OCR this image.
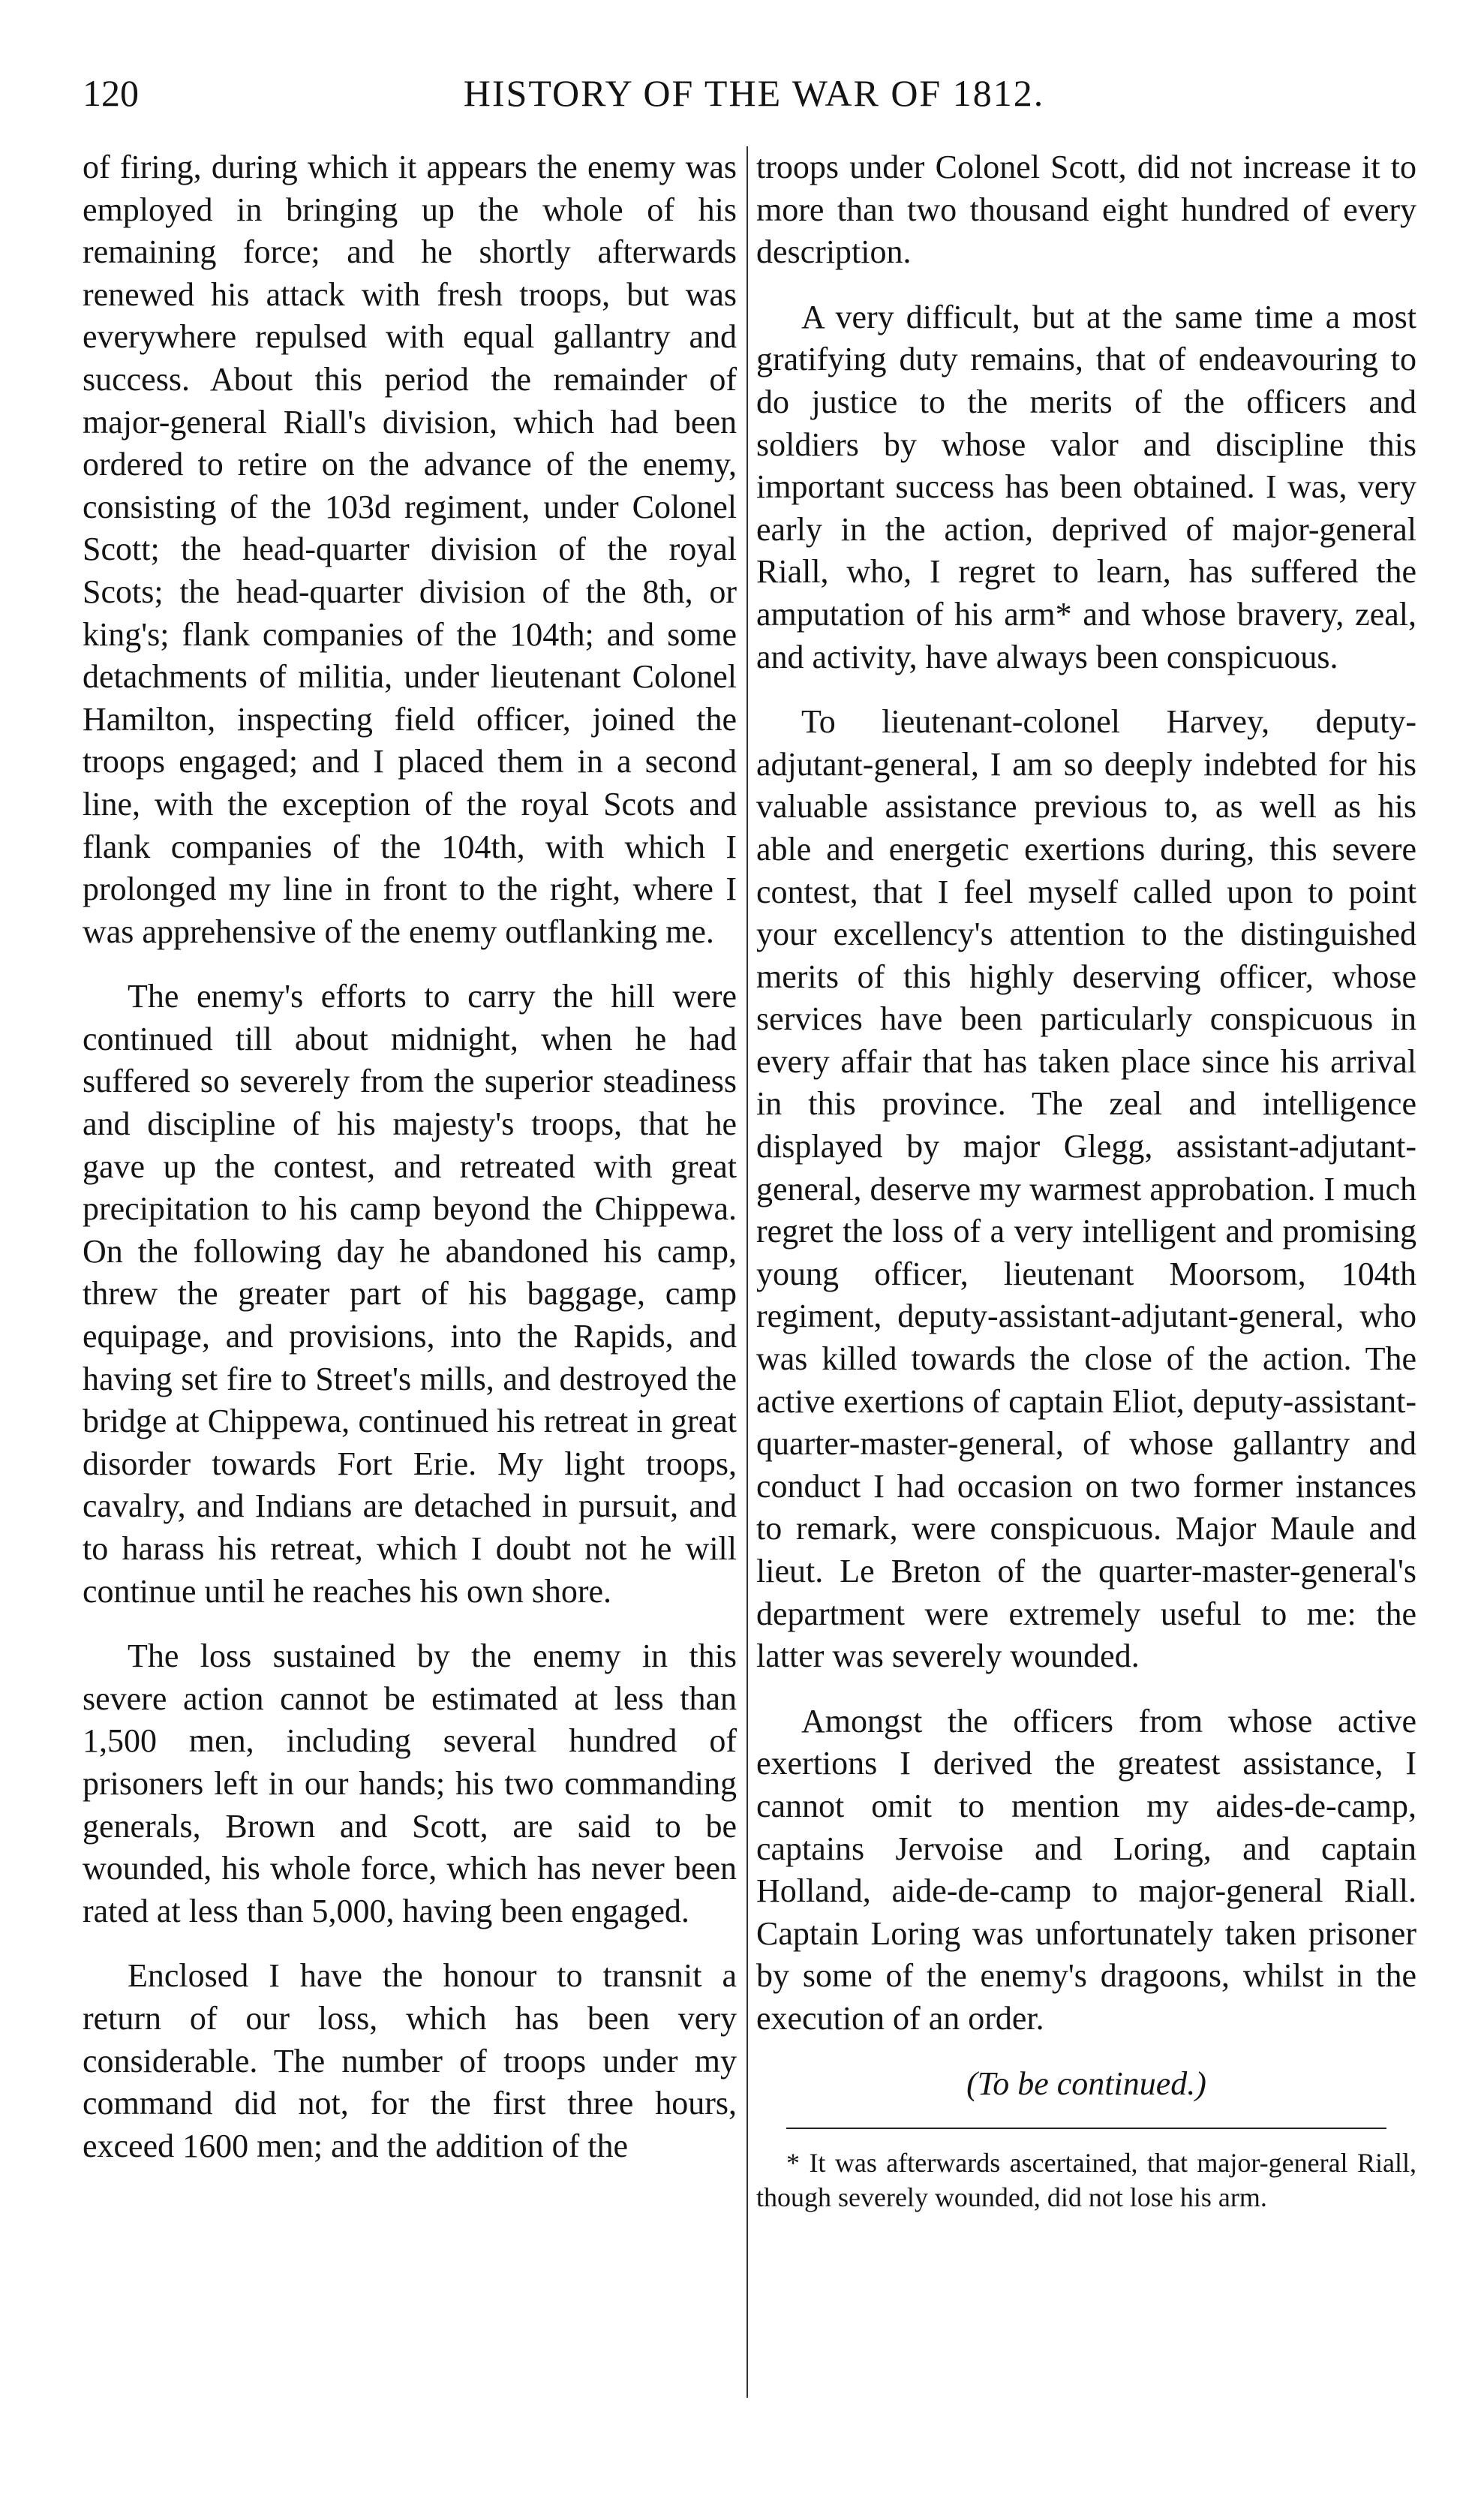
120	HISTORY OF THE WAR OF 1812.

of firing, during which it appears the enemy was employed in bringing up the whole of his remaining force; and he shortly afterwards renewed his attack with fresh troops, but was everywhere repulsed with equal gallantry and success. About this period the remainder of major-general Riall's division, which had been ordered to retire on the advance of the enemy, consisting of the 103d regiment, under Colonel Scott; the head-quarter division of the royal Scots; the head-quarter division of the 8th, or king's; flank companies of the 104th; and some detachments of militia, under lieutenant Colonel Hamilton, inspecting field officer, joined the troops engaged; and I placed them in a second line, with the exception of the royal Scots and flank companies of the 104th, with which I prolonged my line in front to the right, where I was apprehensive of the enemy outflanking me.

The enemy's efforts to carry the hill were continued till about midnight, when he had suffered so severely from the superior steadiness and discipline of his majesty's troops, that he gave up the contest, and retreated with great precipitation to his camp beyond the Chippewa. On the following day he abandoned his camp, threw the greater part of his baggage, camp equipage, and provisions, into the Rapids, and having set fire to Street's mills, and destroyed the bridge at Chippewa, continued his retreat in great disorder towards Fort Erie. My light troops, cavalry, and Indians are detached in pursuit, and to harass his retreat, which I doubt not he will continue until he reaches his own shore.

The loss sustained by the enemy in this severe action cannot be estimated at less than 1,500 men, including several hundred of prisoners left in our hands; his two commanding generals, Brown and Scott, are said to be wounded, his whole force, which has never been rated at less than 5,000, having been engaged.

Enclosed I have the honour to transnit a return of our loss, which has been very considerable. The number of troops under my command did not, for the first three hours, exceed 1600 men; and the addition of the

troops under Colonel Scott, did not increase it to more than two thousand eight hundred of every description.

A very difficult, but at the same time a most gratifying duty remains, that of endeavouring to do justice to the merits of the officers and soldiers by whose valor and discipline this important success has been obtained. I was, very early in the action, deprived of major-general Riall, who, I regret to learn, has suffered the amputation of his arm* and whose bravery, zeal, and activity, have always been conspicuous.

To lieutenant-colonel Harvey, deputy-adjutant-general, I am so deeply indebted for his valuable assistance previous to, as well as his able and energetic exertions during, this severe contest, that I feel myself called upon to point your excellency's attention to the distinguished merits of this highly deserving officer, whose services have been particularly conspicuous in every affair that has taken place since his arrival in this province. The zeal and intelligence displayed by major Glegg, assistant-adjutant-general, deserve my warmest approbation. I much regret the loss of a very intelligent and promising young officer, lieutenant Moorsom, 104th regiment, deputy-assistant-adjutant-general, who was killed towards the close of the action. The active exertions of captain Eliot, deputy-assistant-quarter-master-general, of whose gallantry and conduct I had occasion on two former instances to remark, were conspicuous. Major Maule and lieut. Le Breton of the quarter-master-general's department were extremely useful to me: the latter was severely wounded.

Amongst the officers from whose active exertions I derived the greatest assistance, I cannot omit to mention my aides-de-camp, captains Jervoise and Loring, and captain Holland, aide-de-camp to major-general Riall. Captain Loring was unfortunately taken prisoner by some of the enemy's dragoons, whilst in the execution of an order.

(To be continued.)

* It was afterwards ascertained, that major-general Riall, though severely wounded, did not lose his arm.
